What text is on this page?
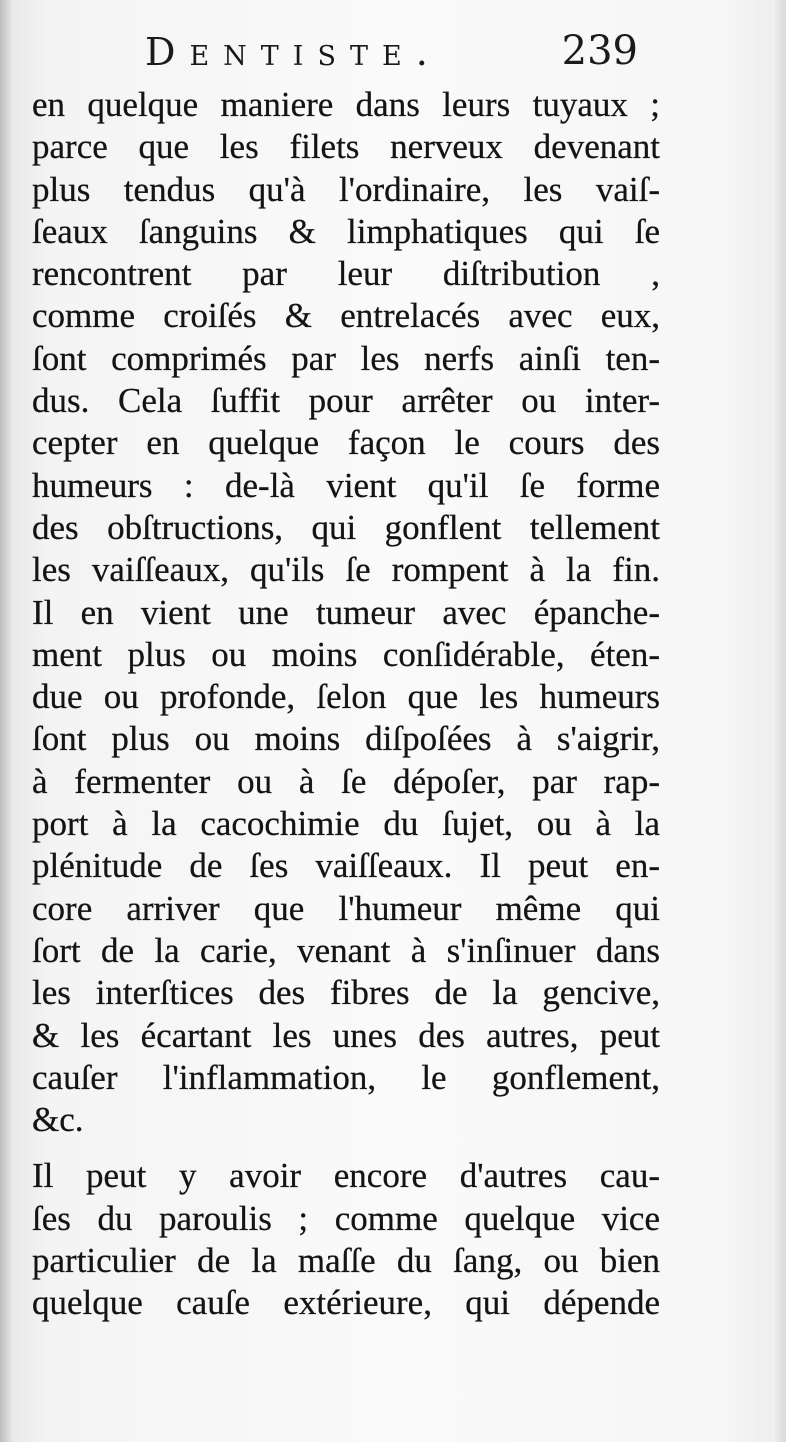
Dentiste.	239
en quelque maniere dans leurs tuyaux ;
parce que les filets nerveux devenant
plus tendus qu'à l'ordinaire, les vaiſ-
ſeaux ſanguins & limphatiques qui ſe
rencontrent par leur diſtribution ,
comme croiſés & entrelacés avec eux,
ſont comprimés par les nerfs ainſi ten-
dus. Cela ſuffit pour arrêter ou inter-
cepter en quelque façon le cours des
humeurs : de-là vient qu'il ſe forme
des obſtructions, qui gonflent tellement
les vaiſſeaux, qu'ils ſe rompent à la fin.
Il en vient une tumeur avec épanche-
ment plus ou moins conſidérable, éten-
due ou profonde, ſelon que les humeurs
ſont plus ou moins diſpoſées à s'aigrir,
à fermenter ou à ſe dépoſer, par rap-
port à la cacochimie du ſujet, ou à la
plénitude de ſes vaiſſeaux. Il peut en-
core arriver que l'humeur même qui
ſort de la carie, venant à s'inſinuer dans
les interſtices des fibres de la gencive,
& les écartant les unes des autres, peut
cauſer l'inflammation, le gonflement,
&c.
Il peut y avoir encore d'autres cau-
ſes du paroulis ; comme quelque vice
particulier de la maſſe du ſang, ou bien
quelque cauſe extérieure, qui dépende
